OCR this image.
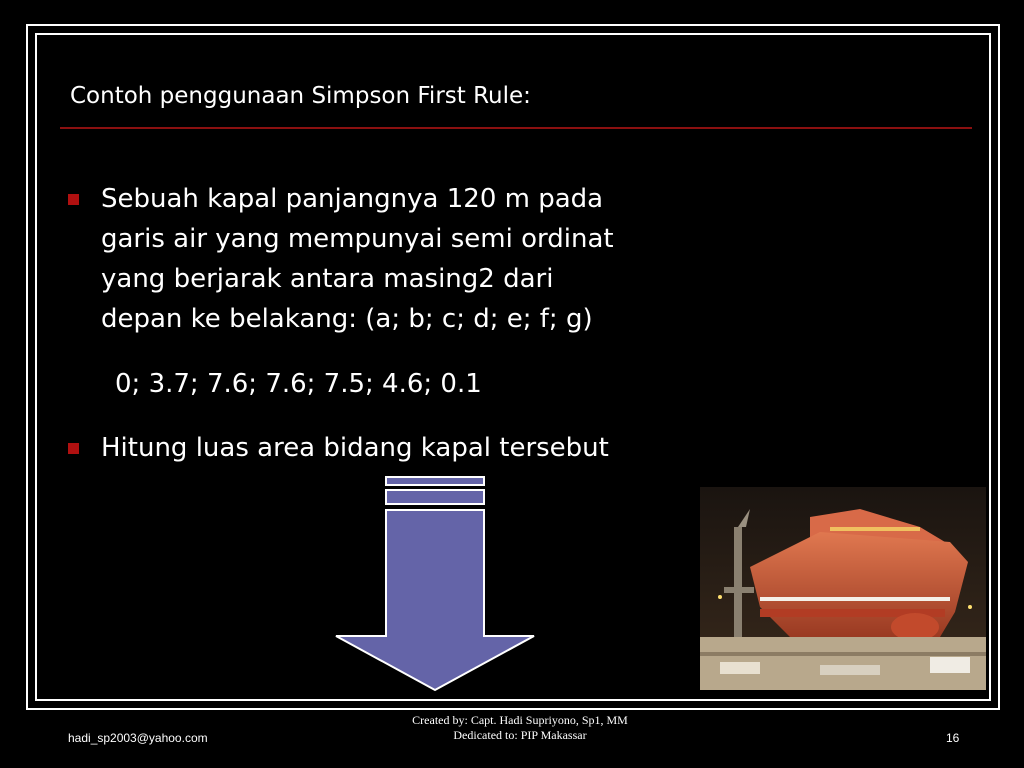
Contoh penggunaan Simpson First Rule:
Sebuah kapal panjangnya 120 m pada
garis air yang mempunyai semi ordinat
yang berjarak antara masing2 dari
depan ke belakang: (a; b; c; d; e; f; g)
0; 3.7; 7.6; 7.6; 7.5; 4.6; 0.1
Hitung luas area bidang kapal tersebut
hadi_sp2003@yahoo.com
Created by: Capt. Hadi Supriyono, Sp1, MM
Dedicated to: PIP Makassar	16
